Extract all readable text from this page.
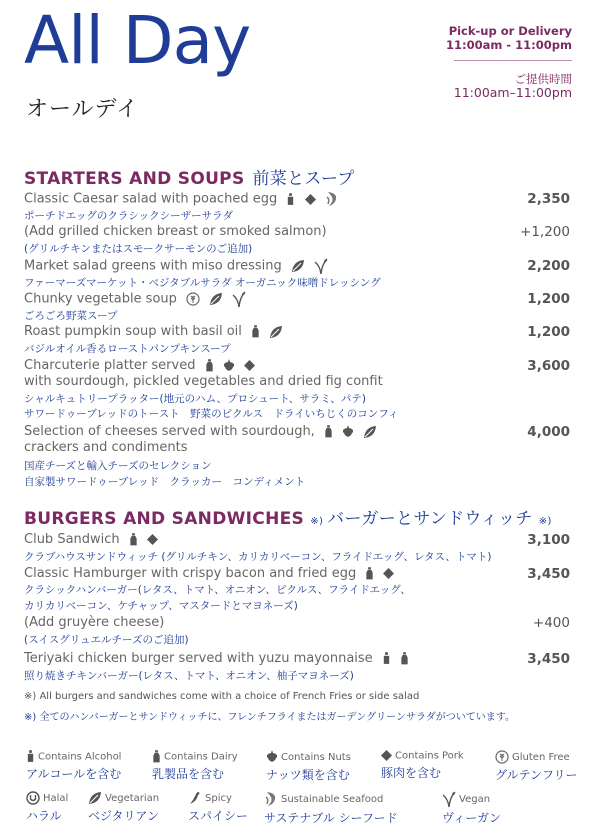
All Day
オールデイ
Pick-up or Delivery
11:00am - 11:00pm
ご提供時間
11:00am–11:00pm
STARTERS AND SOUPS 前菜とスープ
Classic Caesar salad with poached egg
ポーチドエッグのクラシックシーザーサラダ
2,350
(Add grilled chicken breast or smoked salmon)
(グリルチキンまたはスモークサーモンのご追加)
+1,200
Market salad greens with miso dressing
ファーマーズマーケット・ベジタブルサラダ オーガニック味噌ドレッシング
2,200
Chunky vegetable soup
ごろごろ野菜スープ
1,200
Roast pumpkin soup with basil oil
バジルオイル香るローストパンプキンスープ
1,200
Charcuterie platter served
with sourdough, pickled vegetables and dried fig confit
シャルキュトリープラッター(地元のハム、プロシュート、サラミ、パテ)
サワードゥーブレッドのトースト　野菜のピクルス　ドライいちじくのコンフィ
3,600
Selection of cheeses served with sourdough,
crackers and condiments
国産チーズと輸入チーズのセレクション
自家製サワードゥーブレッド　クラッカー　コンディメント
4,000
BURGERS AND SANDWICHES ※) バーガーとサンドウィッチ ※)
Club Sandwich
クラブハウスサンドウィッチ (グリルチキン、カリカリベーコン、フライドエッグ、レタス、トマト)
3,100
Classic Hamburger with crispy bacon and fried egg
クラシックハンバーガー(レタス、トマト、オニオン、ピクルス、フライドエッグ、
カリカリベーコン、ケチャップ、マスタードとマヨネーズ)
3,450
(Add gruyère cheese)
(スイスグリュエルチーズのご追加)
+400
Teriyaki chicken burger served with yuzu mayonnaise
照り焼きチキンバーガー(レタス、トマト、オニオン、柚子マヨネーズ)
3,450
※) All burgers and sandwiches come with a choice of French Fries or side salad
※) 全てのハンバーガーとサンドウィッチに、フレンチフライまたはガーデングリーンサラダがついています。
Contains Alcohol
アルコールを含む
Contains Dairy
乳製品を含む
Contains Nuts
ナッツ類を含む
Contains Pork
豚肉を含む
Gluten Free
グルテンフリー
Halal
ハラル
Vegetarian
ベジタリアン
Spicy
スパイシー
Sustainable Seafood
サステナブル シーフード
Vegan
ヴィーガン
